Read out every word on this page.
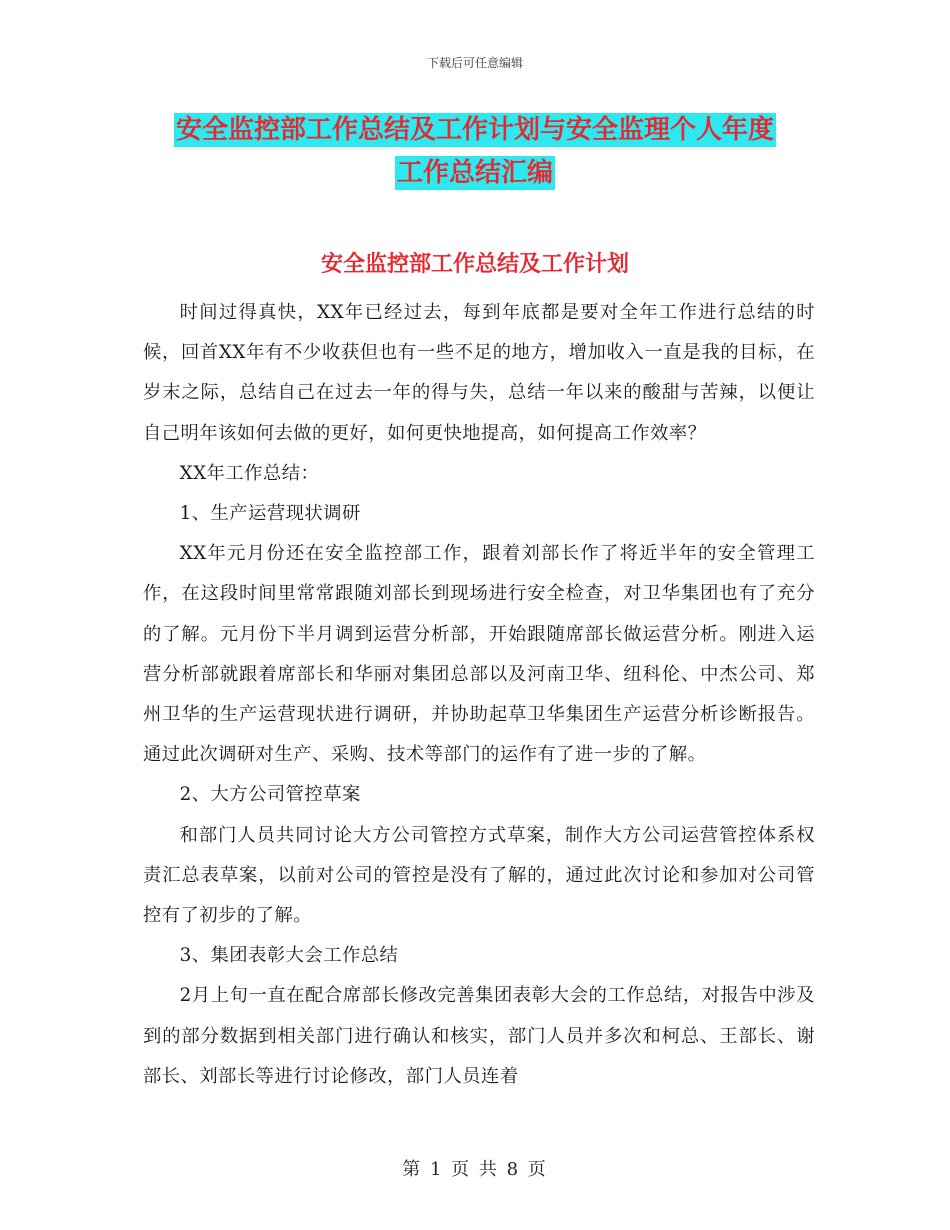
下载后可任意编辑
安全监控部工作总结及工作计划与安全监理个人年度
工作总结汇编
安全监控部工作总结及工作计划

时间过得真快，XX年已经过去，每到年底都是要对全年工作进行总结的时候，回首XX年有不少收获但也有一些不足的地方，增加收入一直是我的目标，在岁末之际，总结自己在过去一年的得与失，总结一年以来的酸甜与苦辣，以便让自己明年该如何去做的更好，如何更快地提高，如何提高工作效率？

XX年工作总结：

1、生产运营现状调研

XX年元月份还在安全监控部工作，跟着刘部长作了将近半年的安全管理工作，在这段时间里常常跟随刘部长到现场进行安全检查，对卫华集团也有了充分的了解。元月份下半月调到运营分析部，开始跟随席部长做运营分析。刚进入运营分析部就跟着席部长和华丽对集团总部以及河南卫华、纽科伦、中杰公司、郑州卫华的生产运营现状进行调研，并协助起草卫华集团生产运营分析诊断报告。通过此次调研对生产、采购、技术等部门的运作有了进一步的了解。

2、大方公司管控草案

和部门人员共同讨论大方公司管控方式草案，制作大方公司运营管控体系权责汇总表草案，以前对公司的管控是没有了解的，通过此次讨论和参加对公司管控有了初步的了解。

3、集团表彰大会工作总结

2月上旬一直在配合席部长修改完善集团表彰大会的工作总结，对报告中涉及到的部分数据到相关部门进行确认和核实，部门人员并多次和柯总、王部长、谢部长、刘部长等进行讨论修改，部门人员连着

第 1 页 共 8 页
